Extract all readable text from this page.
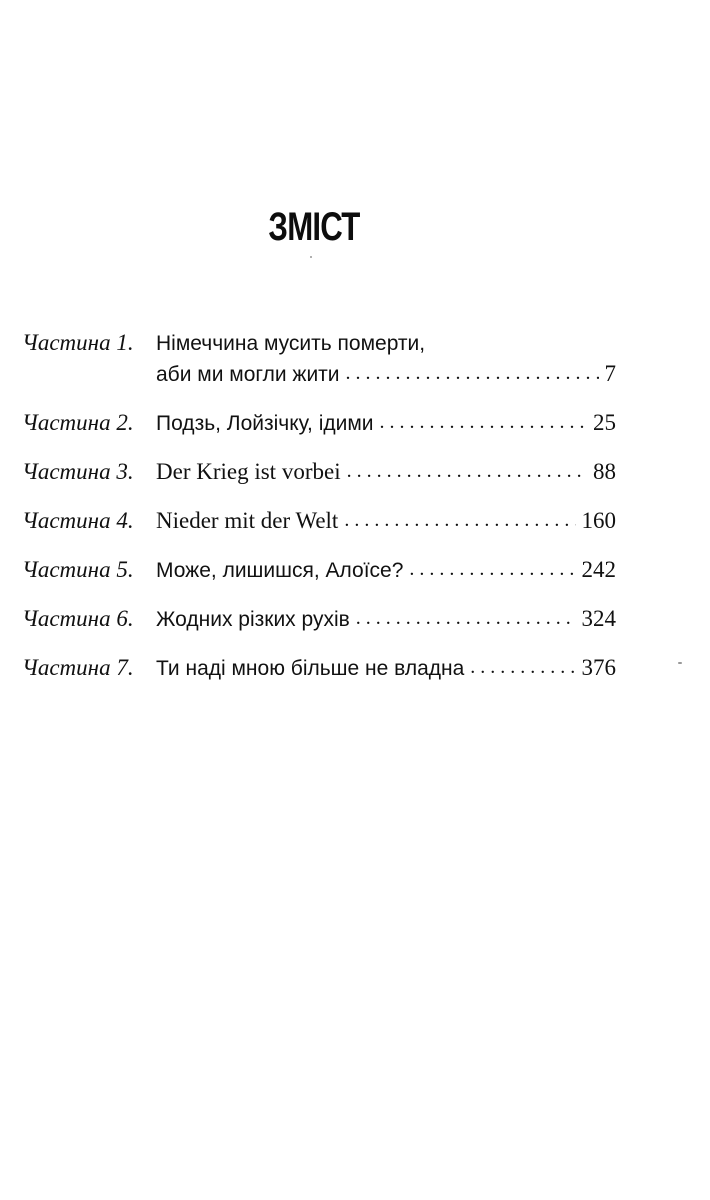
ЗМІСТ
Частина 1.	Німеччина мусить померти,
аби ми могли жити . . .	7
Частина 2.	Подзь, Лойзічку, ідими . . .	25
Частина 3. Der Krieg ist vorbei . . .	88
Частина 4. Nieder mit der Welt . . .	160
Частина 5.	Може, лишишся, Алоїсе? . . .	242
Частина 6.	Жодних різких рухів . . .	324
Частина 7.	Ти наді мною більше не владна . . .	376
